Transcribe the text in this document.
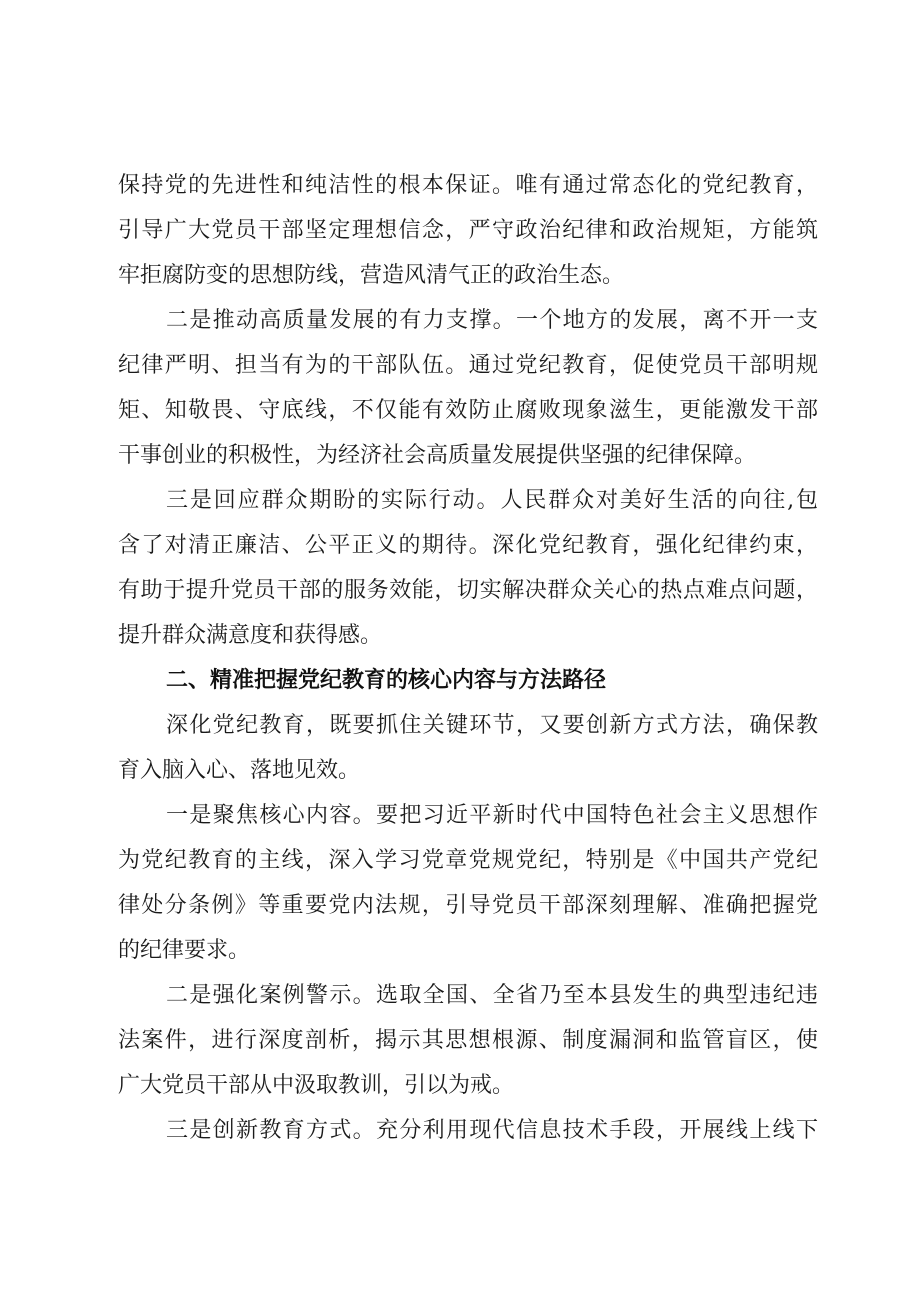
保持党的先进性和纯洁性的根本保证。唯有通过常态化的党纪教育，
引导广大党员干部坚定理想信念，严守政治纪律和政治规矩，方能筑
牢拒腐防变的思想防线，营造风清气正的政治生态。
二是推动高质量发展的有力支撑。一个地方的发展，离不开一支
纪律严明、担当有为的干部队伍。通过党纪教育，促使党员干部明规
矩、知敬畏、守底线，不仅能有效防止腐败现象滋生，更能激发干部
干事创业的积极性，为经济社会高质量发展提供坚强的纪律保障。
三是回应群众期盼的实际行动。人民群众对美好生活的向往,包
含了对清正廉洁、公平正义的期待。深化党纪教育，强化纪律约束，
有助于提升党员干部的服务效能，切实解决群众关心的热点难点问题，
提升群众满意度和获得感。
二、精准把握党纪教育的核心内容与方法路径
深化党纪教育，既要抓住关键环节，又要创新方式方法，确保教
育入脑入心、落地见效。
一是聚焦核心内容。要把习近平新时代中国特色社会主义思想作
为党纪教育的主线，深入学习党章党规党纪，特别是《中国共产党纪
律处分条例》等重要党内法规，引导党员干部深刻理解、准确把握党
的纪律要求。
二是强化案例警示。选取全国、全省乃至本县发生的典型违纪违
法案件，进行深度剖析，揭示其思想根源、制度漏洞和监管盲区，使
广大党员干部从中汲取教训，引以为戒。
三是创新教育方式。充分利用现代信息技术手段，开展线上线下
